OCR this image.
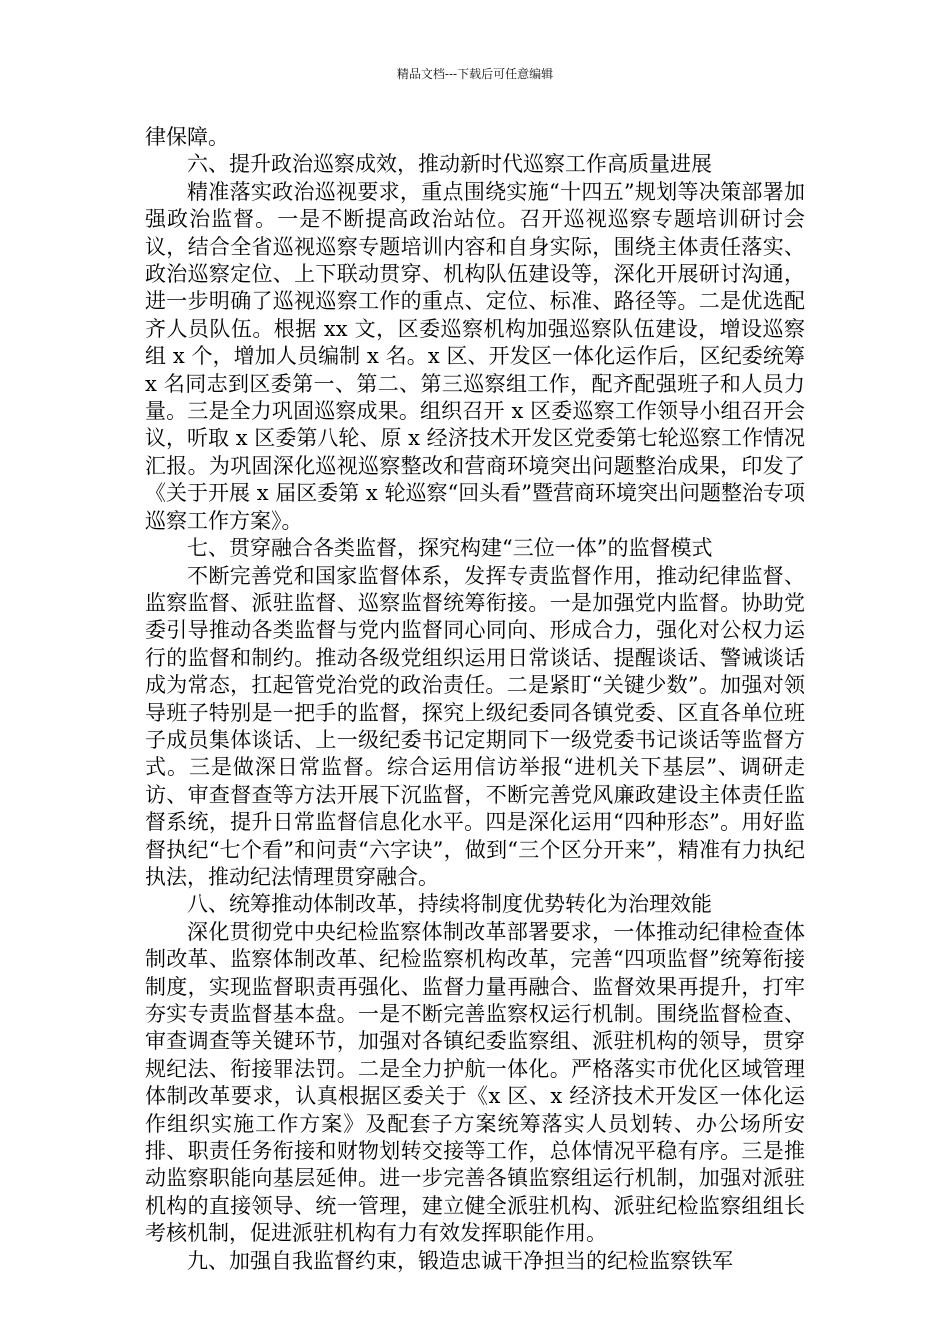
精品文档---下载后可任意编辑

律保障。

六、提升政治巡察成效，推动新时代巡察工作高质量进展

精准落实政治巡视要求，重点围绕实施“十四五”规划等决策部署加强政治监督。一是不断提高政治站位。召开巡视巡察专题培训研讨会议，结合全省巡视巡察专题培训内容和自身实际，围绕主体责任落实、政治巡察定位、上下联动贯穿、机构队伍建设等，深化开展研讨沟通，进一步明确了巡视巡察工作的重点、定位、标准、路径等。二是优选配齐人员队伍。根据 xx 文，区委巡察机构加强巡察队伍建设，增设巡察组 x 个，增加人员编制 x 名。x 区、开发区一体化运作后，区纪委统筹 x 名同志到区委第一、第二、第三巡察组工作，配齐配强班子和人员力量。三是全力巩固巡察成果。组织召开 x 区委巡察工作领导小组召开会议，听取 x 区委第八轮、原 x 经济技术开发区党委第七轮巡察工作情况汇报。为巩固深化巡视巡察整改和营商环境突出问题整治成果，印发了《关于开展 x 届区委第 x 轮巡察“回头看”暨营商环境突出问题整治专项巡察工作方案》。

七、贯穿融合各类监督，探究构建“三位一体”的监督模式

不断完善党和国家监督体系，发挥专责监督作用，推动纪律监督、监察监督、派驻监督、巡察监督统筹衔接。一是加强党内监督。协助党委引导推动各类监督与党内监督同心同向、形成合力，强化对公权力运行的监督和制约。推动各级党组织运用日常谈话、提醒谈话、警诫谈话成为常态，扛起管党治党的政治责任。二是紧盯“关键少数”。加强对领导班子特别是一把手的监督，探究上级纪委同各镇党委、区直各单位班子成员集体谈话、上一级纪委书记定期同下一级党委书记谈话等监督方式。三是做深日常监督。综合运用信访举报“进机关下基层”、调研走访、审查督查等方法开展下沉监督，不断完善党风廉政建设主体责任监督系统，提升日常监督信息化水平。四是深化运用“四种形态”。用好监督执纪“七个看”和问责“六字诀”，做到“三个区分开来”，精准有力执纪执法，推动纪法情理贯穿融合。

八、统筹推动体制改革，持续将制度优势转化为治理效能

深化贯彻党中央纪检监察体制改革部署要求，一体推动纪律检查体制改革、监察体制改革、纪检监察机构改革，完善“四项监督”统筹衔接制度，实现监督职责再强化、监督力量再融合、监督效果再提升，打牢夯实专责监督基本盘。一是不断完善监察权运行机制。围绕监督检查、审查调查等关键环节，加强对各镇纪委监察组、派驻机构的领导，贯穿规纪法、衔接罪法罚。二是全力护航一体化。严格落实市优化区域管理体制改革要求，认真根据区委关于《x 区、x 经济技术开发区一体化运作组织实施工作方案》及配套子方案统筹落实人员划转、办公场所安排、职责任务衔接和财物划转交接等工作，总体情况平稳有序。三是推动监察职能向基层延伸。进一步完善各镇监察组运行机制，加强对派驻机构的直接领导、统一管理，建立健全派驻机构、派驻纪检监察组组长考核机制，促进派驻机构有力有效发挥职能作用。

九、加强自我监督约束，锻造忠诚干净担当的纪检监察铁军
